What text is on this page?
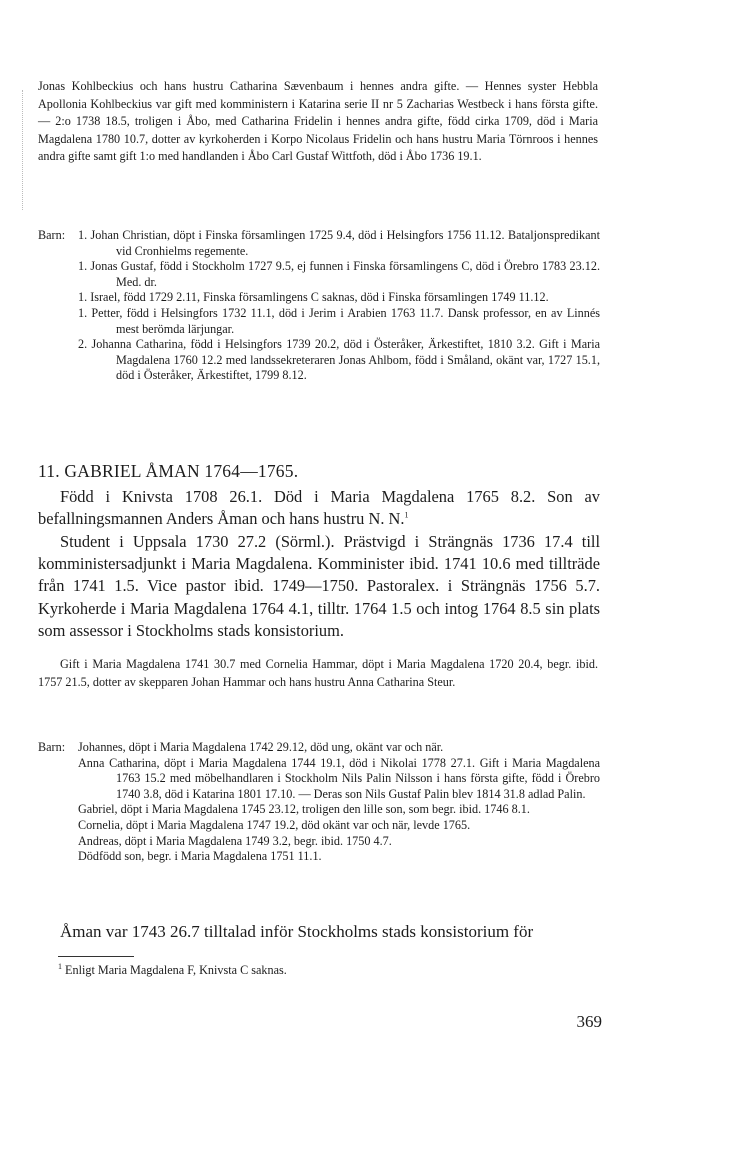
Jonas Kohlbeckius och hans hustru Catharina Sævenbaum i hennes andra gifte. — Hennes syster Hebbla Apollonia Kohlbeckius var gift med komministern i Katarina serie II nr 5 Zacharias Westbeck i hans första gifte. — 2:o 1738 18.5, troligen i Åbo, med Catharina Fridelin i hennes andra gifte, född cirka 1709, död i Maria Magdalena 1780 10.7, dotter av kyrkoherden i Korpo Nicolaus Fridelin och hans hustru Maria Törnroos i hennes andra gifte samt gift 1:o med handlanden i Åbo Carl Gustaf Wittfoth, död i Åbo 1736 19.1.

Barn: 1. Johan Christian, döpt i Finska församlingen 1725 9.4, död i Helsingfors 1756 11.12. Bataljonspredikant vid Cronhielms regemente.
1. Jonas Gustaf, född i Stockholm 1727 9.5, ej funnen i Finska församlingens C, död i Örebro 1783 23.12. Med. dr.
1. Israel, född 1729 2.11, Finska församlingens C saknas, död i Finska församlingen 1749 11.12.
1. Petter, född i Helsingfors 1732 11.1, död i Jerim i Arabien 1763 11.7. Dansk professor, en av Linnés mest berömda lärjungar.
2. Johanna Catharina, född i Helsingfors 1739 20.2, död i Österåker, Ärkestiftet, 1810 3.2. Gift i Maria Magdalena 1760 12.2 med landssekreteraren Jonas Ahlbom, född i Småland, okänt var, 1727 15.1, död i Österåker, Ärkestiftet, 1799 8.12.

11. GABRIEL ÅMAN 1764—1765.

Född i Knivsta 1708 26.1. Död i Maria Magdalena 1765 8.2. Son av befallningsmannen Anders Åman och hans hustru N. N.$^1$

Student i Uppsala 1730 27.2 (Sörml.). Prästvigd i Strängnäs 1736 17.4 till komministersadjunkt i Maria Magdalena. Komminister ibid. 1741 10.6 med tillträde från 1741 1.5. Vice pastor ibid. 1749—1750. Pastoralex. i Strängnäs 1756 5.7. Kyrkoherde i Maria Magdalena 1764 4.1, tilltr. 1764 1.5 och intog 1764 8.5 sin plats som assessor i Stockholms stads konsistorium.

Gift i Maria Magdalena 1741 30.7 med Cornelia Hammar, döpt i Maria Magdalena 1720 20.4, begr. ibid. 1757 21.5, dotter av skepparen Johan Hammar och hans hustru Anna Catharina Steur.

Barn: Johannes, döpt i Maria Magdalena 1742 29.12, död ung, okänt var och när.
Anna Catharina, döpt i Maria Magdalena 1744 19.1, död i Nikolai 1778 27.1. Gift i Maria Magdalena 1763 15.2 med möbelhandlaren i Stockholm Nils Palin Nilsson i hans första gifte, född i Örebro 1740 3.8, död i Katarina 1801 17.10. — Deras son Nils Gustaf Palin blev 1814 31.8 adlad Palin.
Gabriel, döpt i Maria Magdalena 1745 23.12, troligen den lille son, som begr. ibid. 1746 8.1.
Cornelia, döpt i Maria Magdalena 1747 19.2, död okänt var och när, levde 1765.
Andreas, döpt i Maria Magdalena 1749 3.2, begr. ibid. 1750 4.7.
Dödfödd son, begr. i Maria Magdalena 1751 11.1.

Åman var 1743 26.7 tilltalad inför Stockholms stads konsistorium för

$^1$ Enligt Maria Magdalena F, Knivsta C saknas.

369
